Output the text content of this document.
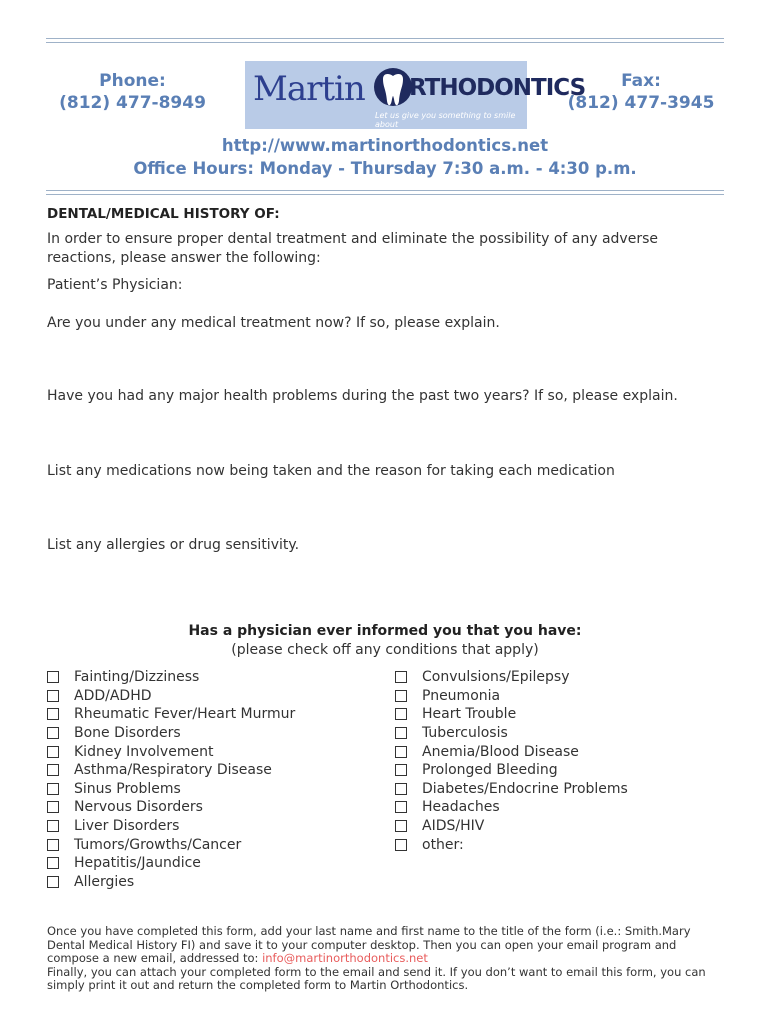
Phone:
(812) 477-8949 Martin RTHODONTICS
Let us give you something to smile about
Fax:
(812) 477-3945
http://www.martinorthodontics.net
Office Hours: Monday - Thursday 7:30 a.m. - 4:30 p.m.
DENTAL/MEDICAL HISTORY OF:
In order to ensure proper dental treatment and eliminate the possibility of any adverse reactions, please answer the following:
Patient’s Physician:
Are you under any medical treatment now? If so, please explain.
Have you had any major health problems during the past two years? If so, please explain.
List any medications now being taken and the reason for taking each medication
List any allergies or drug sensitivity.
Has a physician ever informed you that you have:
(please check off any conditions that apply)
Fainting/Dizziness
ADD/ADHD
Rheumatic Fever/Heart Murmur
Bone Disorders
Kidney Involvement
Asthma/Respiratory Disease
Sinus Problems
Nervous Disorders
Liver Disorders
Tumors/Growths/Cancer
Hepatitis/Jaundice
Allergies
Convulsions/Epilepsy
Pneumonia
Heart Trouble
Tuberculosis
Anemia/Blood Disease
Prolonged Bleeding
Diabetes/Endocrine Problems
Headaches
AIDS/HIV
other:
Once you have completed this form, add your last name and first name to the title of the form (i.e.: Smith.Mary Dental Medical History FI) and save it to your computer desktop. Then you can open your email program and compose a new email, addressed to: info@martinorthodontics.net
Finally, you can attach your completed form to the email and send it. If you don’t want to email this form, you can simply print it out and return the completed form to Martin Orthodontics.
